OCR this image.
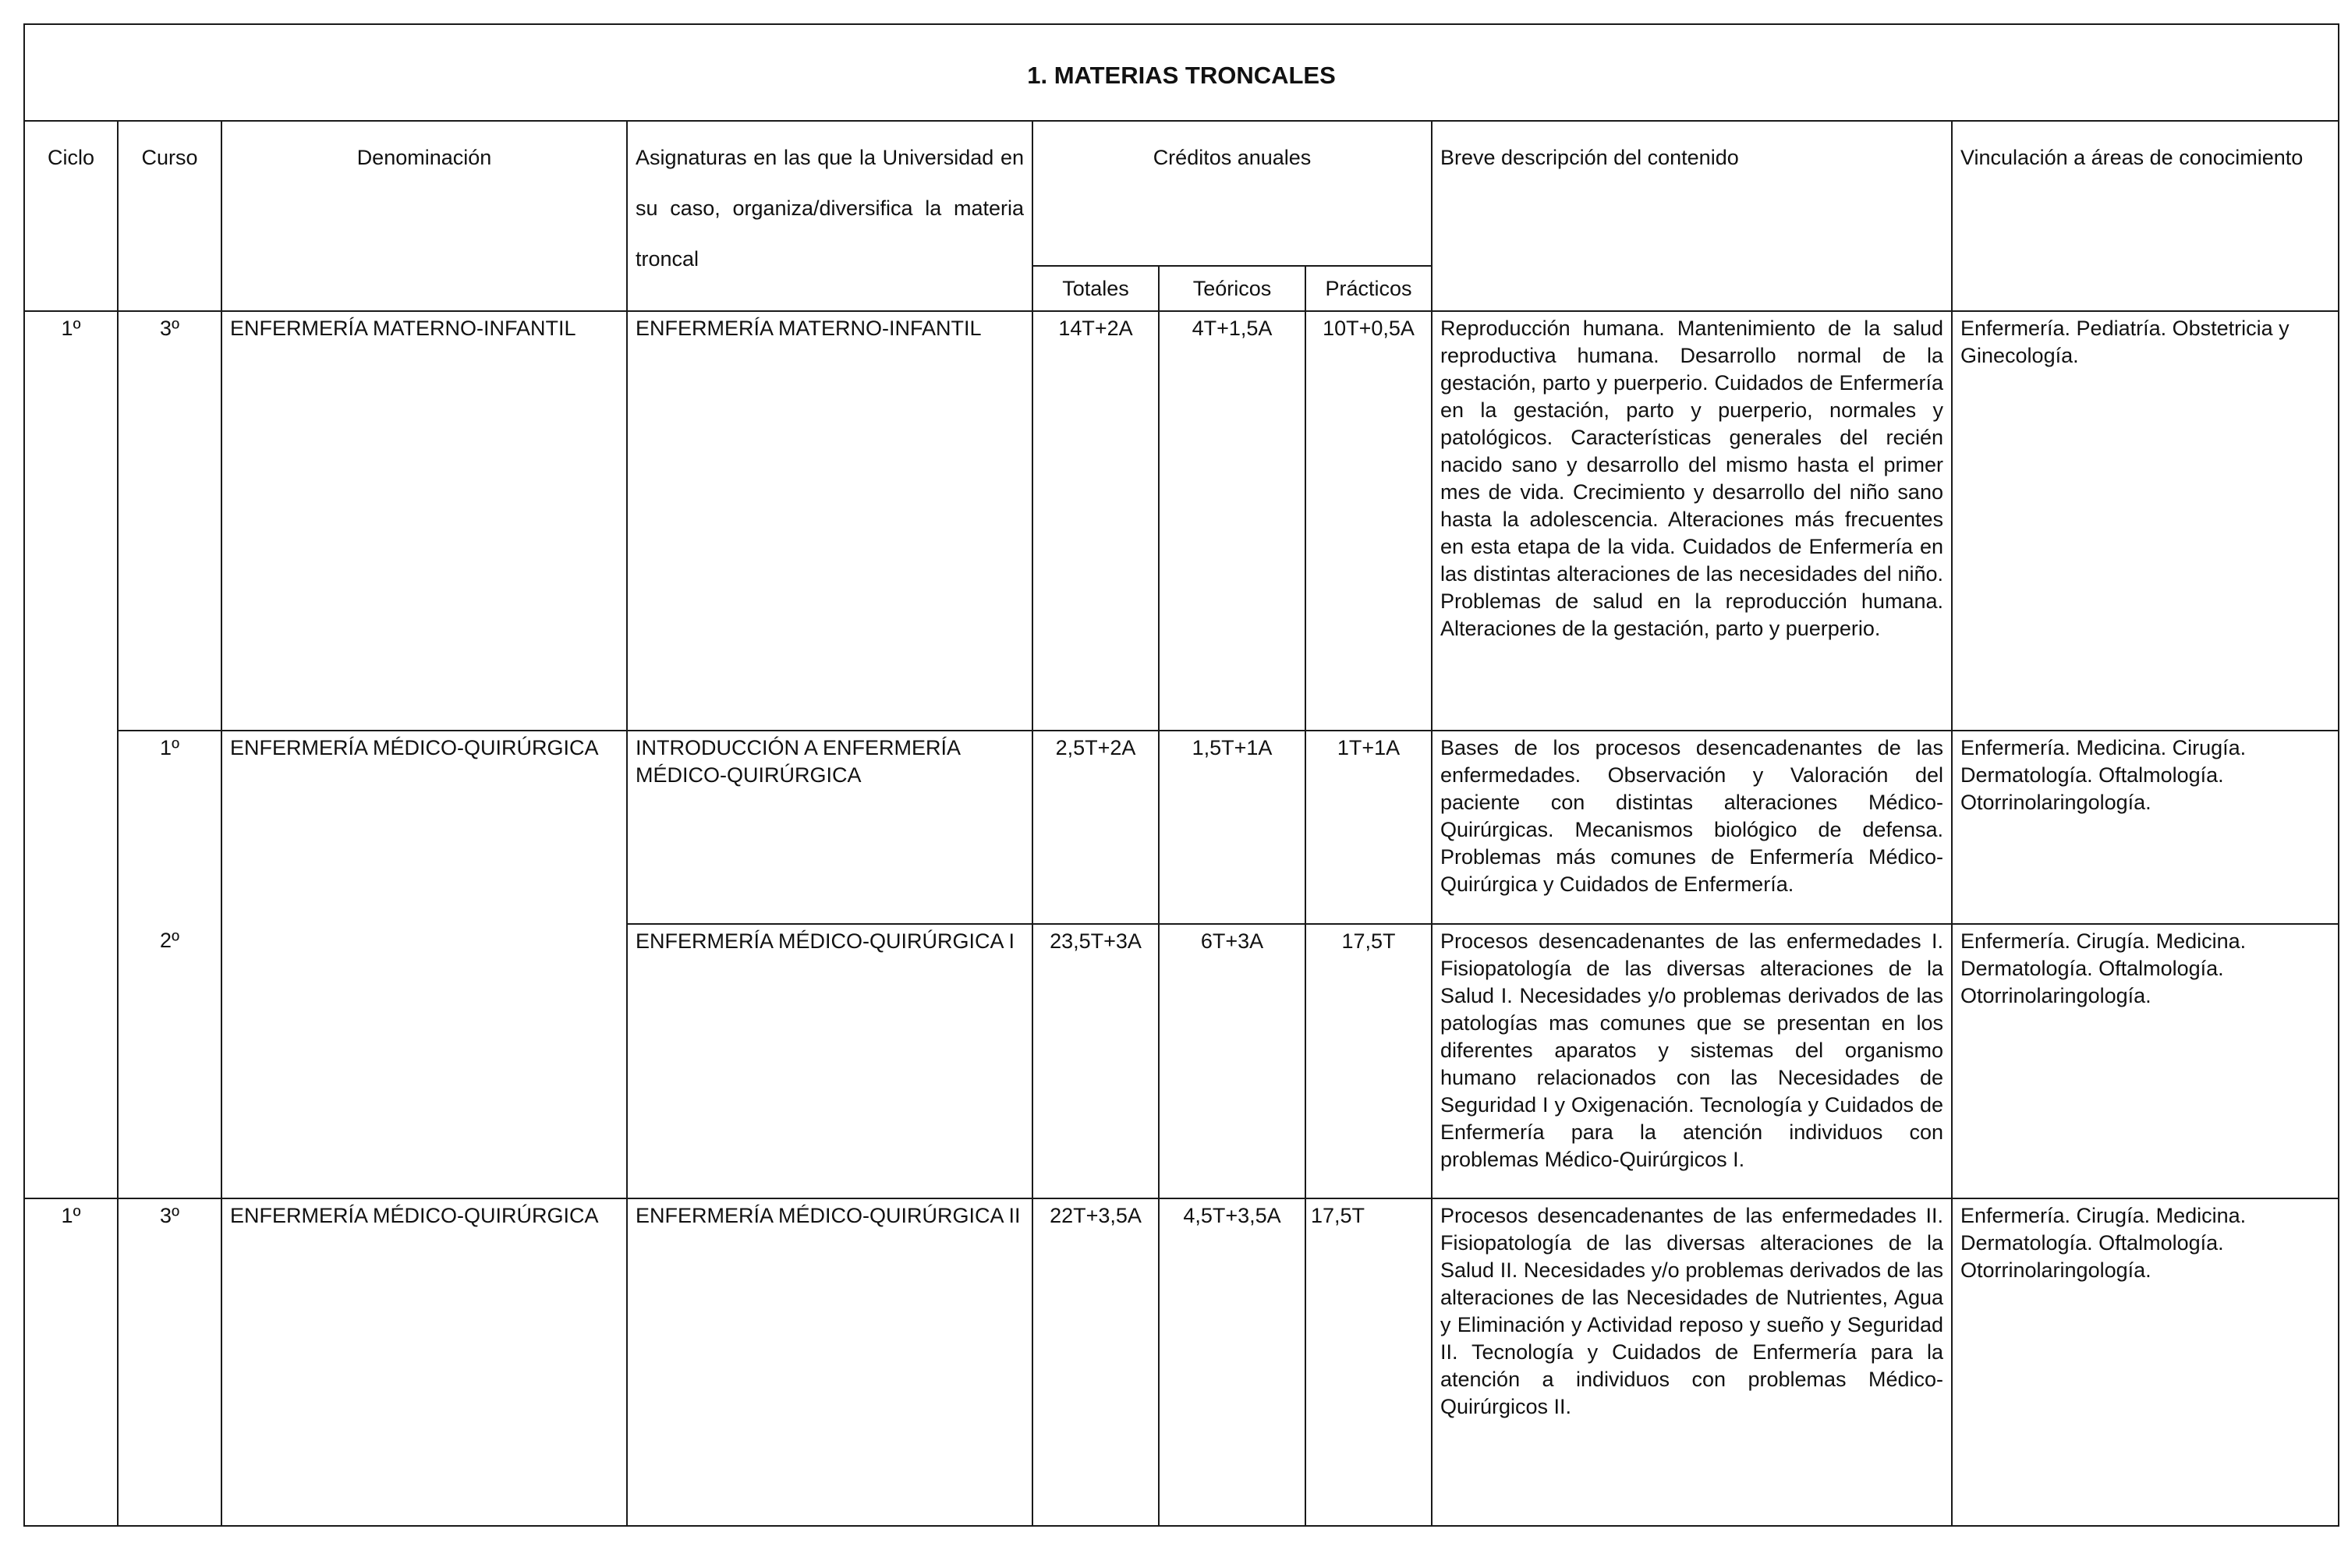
1. MATERIAS TRONCALES								
Ciclo	Curso	Denominación	Asignaturas en las que la Universidad en su caso, organiza/diversifica la materia troncal	Créditos anuales			Breve descripción del contenido	Vinculación a áreas de conocimiento
				Totales	Teóricos	Prácticos		
1º	3º	ENFERMERÍA MATERNO-INFANTIL	ENFERMERÍA MATERNO-INFANTIL	14T+2A	4T+1,5A	10T+0,5A	Reproducción humana. Mantenimiento de la salud reproductiva humana. Desarrollo normal de la gestación, parto y puerperio. Cuidados de Enfermería en la gestación, parto y puerperio, normales y patológicos. Características generales del recién nacido sano y desarrollo del mismo hasta el primer mes de vida. Crecimiento y desarrollo del niño sano hasta la adolescencia. Alteraciones más frecuentes en esta etapa de la vida. Cuidados de Enfermería en las distintas alteraciones de las necesidades del niño. Problemas de salud en la reproducción humana. Alteraciones de la gestación, parto y puerperio.	Enfermería. Pediatría. Obstetricia y Ginecología.
	1º	ENFERMERÍA MÉDICO-QUIRÚRGICA	INTRODUCCIÓN A ENFERMERÍA MÉDICO-QUIRÚRGICA	2,5T+2A	1,5T+1A	1T+1A	Bases de los procesos desencadenantes de las enfermedades. Observación y Valoración del paciente con distintas alteraciones Médico-Quirúrgicas. Mecanismos biológico de defensa. Problemas más comunes de Enfermería Médico-Quirúrgica y Cuidados de Enfermería.	Enfermería. Medicina. Cirugía. Dermatología. Oftalmología. Otorrinolaringología.
	2º		ENFERMERÍA MÉDICO-QUIRÚRGICA I	23,5T+3A	6T+3A	17,5T	Procesos desencadenantes de las enfermedades I. Fisiopatología de las diversas alteraciones de la Salud I. Necesidades y/o problemas derivados de las patologías mas comunes que se presentan en los diferentes aparatos y sistemas del organismo humano relacionados con las Necesidades de Seguridad I y Oxigenación. Tecnología y Cuidados de Enfermería para la atención individuos con problemas Médico-Quirúrgicos I.	Enfermería. Cirugía. Medicina. Dermatología. Oftalmología. Otorrinolaringología.
1º	3º	ENFERMERÍA MÉDICO-QUIRÚRGICA	ENFERMERÍA MÉDICO-QUIRÚRGICA II	22T+3,5A	4,5T+3,5A	17,5T	Procesos desencadenantes de las enfermedades II. Fisiopatología de las diversas alteraciones de la Salud II. Necesidades y/o problemas derivados de las alteraciones de las Necesidades de Nutrientes, Agua y Eliminación y Actividad reposo y sueño y Seguridad II. Tecnología y Cuidados de Enfermería para la atención a individuos con problemas Médico-Quirúrgicos II.	Enfermería. Cirugía. Medicina. Dermatología. Oftalmología. Otorrinolaringología.
